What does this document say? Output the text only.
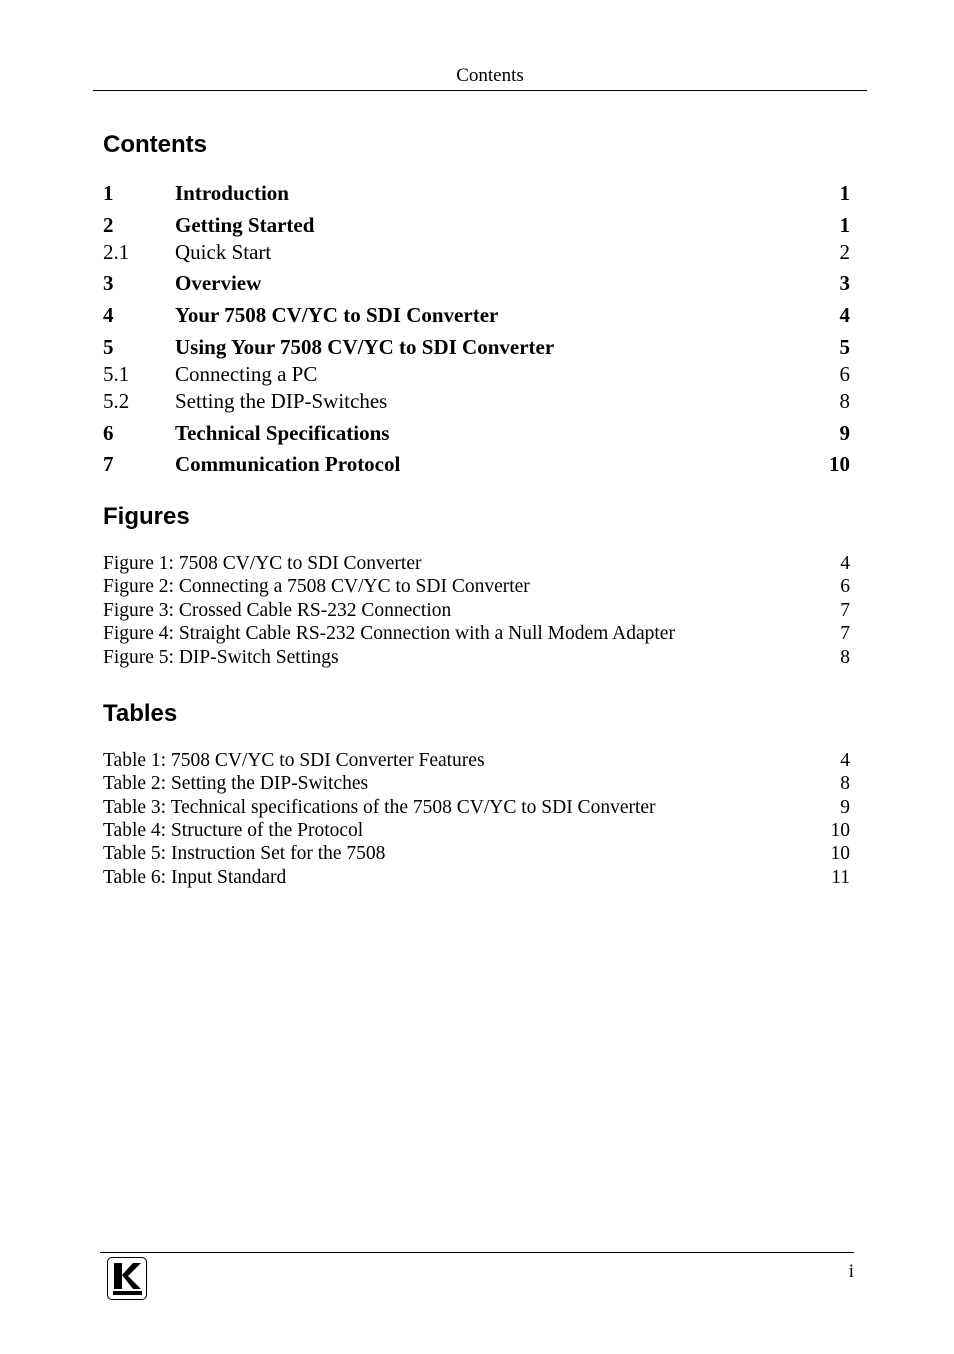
Contents
Contents
1	Introduction	1
2	Getting Started	1
2.1 Quick Start	2
3	Overview	3
4	Your 7508 CV/YC to SDI Converter	4
5	Using Your 7508 CV/YC to SDI Converter	5
5.1 Connecting a PC	6
5.2 Setting the DIP-Switches	8
6	Technical Specifications	9
7	Communication Protocol	10
Figures
Figure 1: 7508 CV/YC to SDI Converter	4
Figure 2: Connecting a 7508 CV/YC to SDI Converter	6
Figure 3: Crossed Cable RS-232 Connection	7
Figure 4: Straight Cable RS-232 Connection with a Null Modem Adapter	7
Figure 5: DIP-Switch Settings	8
Tables
Table 1: 7508 CV/YC to SDI Converter Features	4
Table 2: Setting the DIP-Switches	8
Table 3: Technical specifications of the 7508 CV/YC to SDI Converter	9
Table 4: Structure of the Protocol	10
Table 5: Instruction Set for the 7508	10
Table 6: Input Standard	11
i
